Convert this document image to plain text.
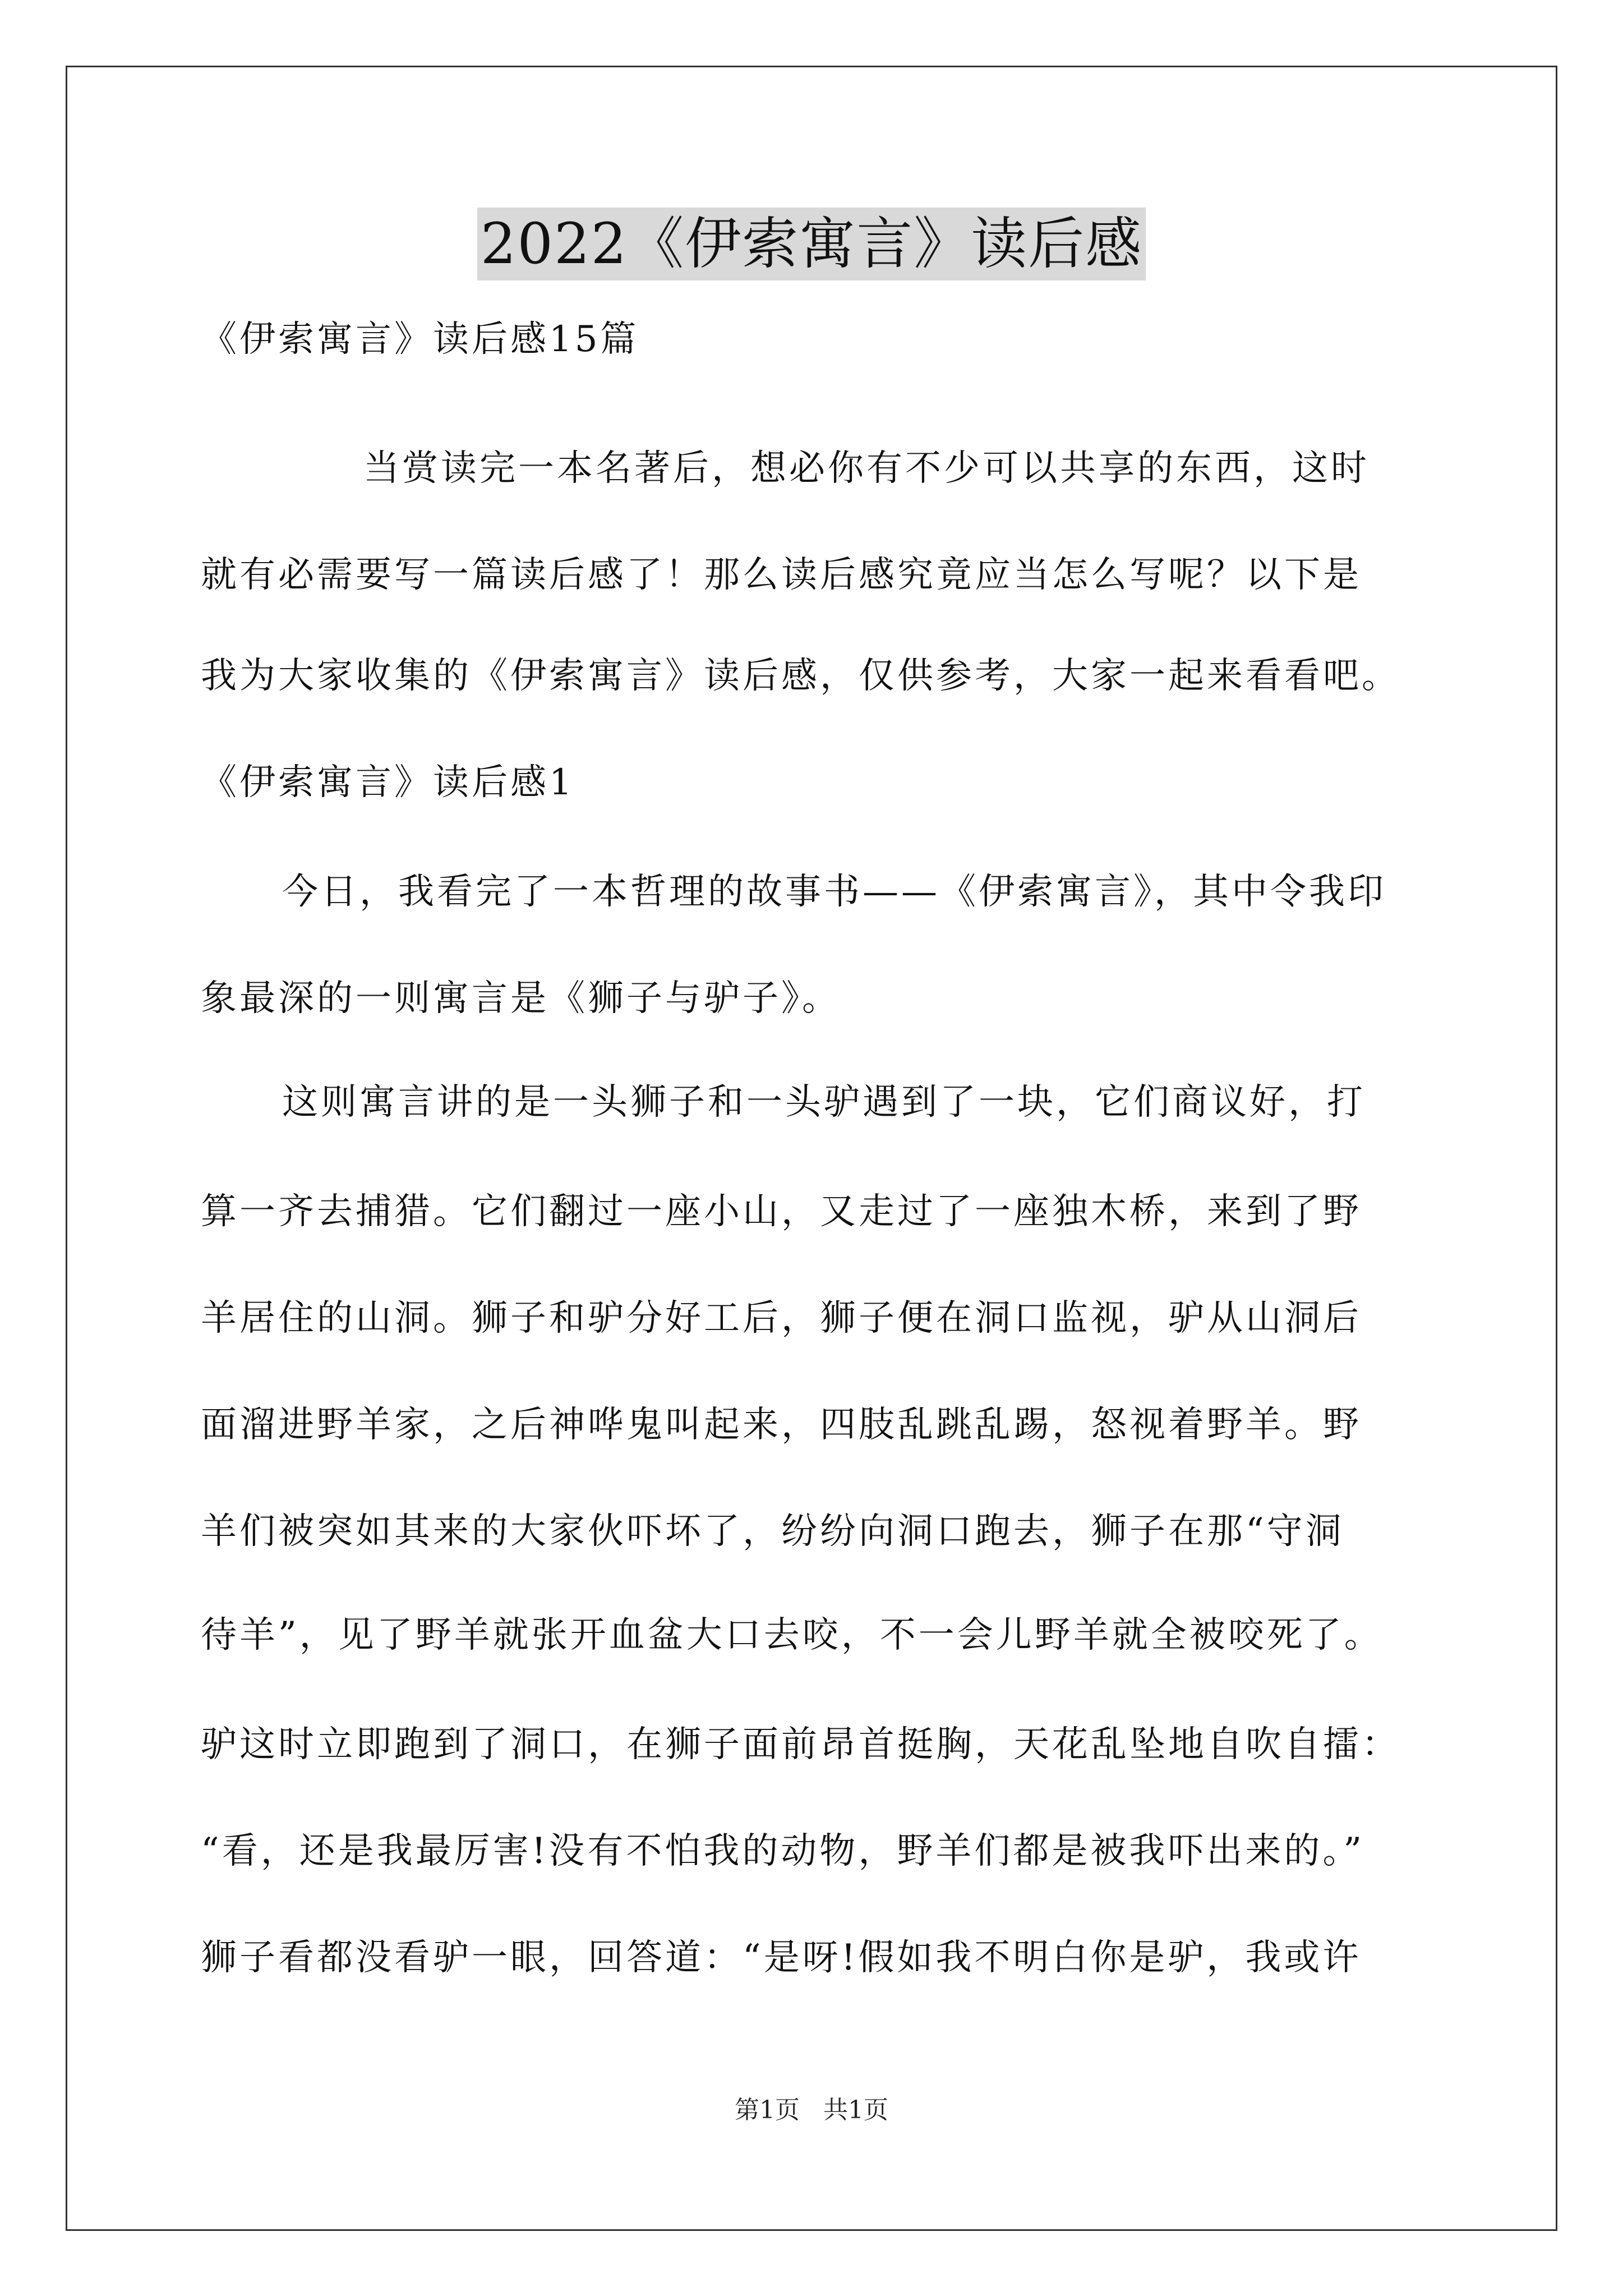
2022《伊索寓言》读后感
《伊索寓言》读后感15篇
当赏读完一本名著后，想必你有不少可以共享的东西，这时
就有必需要写一篇读后感了！那么读后感究竟应当怎么写呢？以下是
我为大家收集的《伊索寓言》读后感，仅供参考，大家一起来看看吧。
《伊索寓言》读后感1
今日，我看完了一本哲理的故事书——《伊索寓言》，其中令我印
象最深的一则寓言是《狮子与驴子》。
这则寓言讲的是一头狮子和一头驴遇到了一块，它们商议好，打
算一齐去捕猎。它们翻过一座小山，又走过了一座独木桥，来到了野
羊居住的山洞。狮子和驴分好工后，狮子便在洞口监视，驴从山洞后
面溜进野羊家，之后神哗鬼叫起来，四肢乱跳乱踢，怒视着野羊。野
羊们被突如其来的大家伙吓坏了，纷纷向洞口跑去，狮子在那“守洞
待羊”，见了野羊就张开血盆大口去咬，不一会儿野羊就全被咬死了。
驴这时立即跑到了洞口，在狮子面前昂首挺胸，天花乱坠地自吹自擂：
“看，还是我最厉害!没有不怕我的动物，野羊们都是被我吓出来的。”
狮子看都没看驴一眼，回答道：“是呀!假如我不明白你是驴，我或许
第1页 共1页
